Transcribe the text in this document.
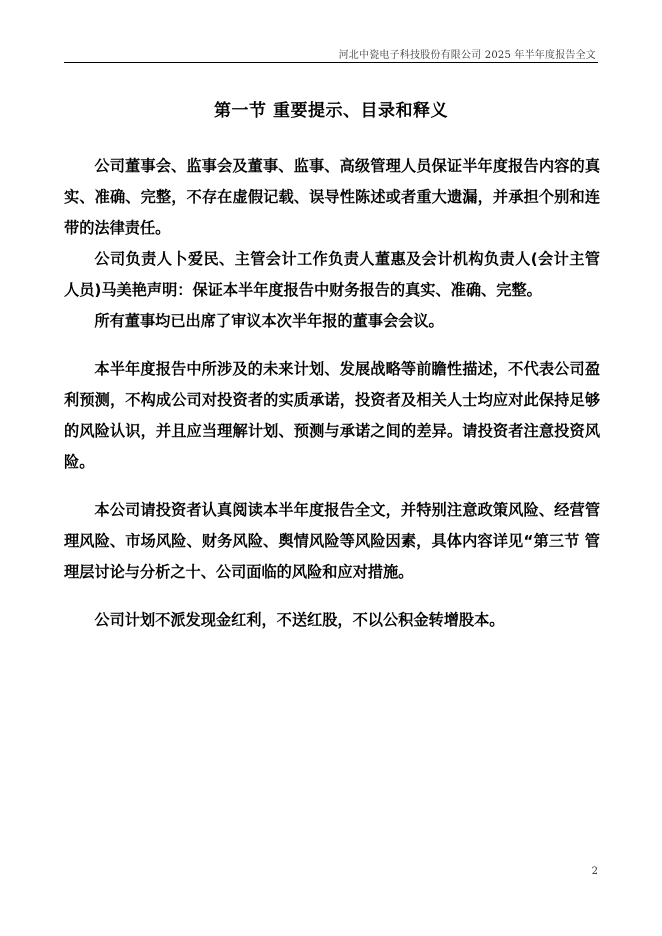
河北中瓷电子科技股份有限公司 2025 年半年度报告全文
第一节 重要提示、目录和释义

公司董事会、监事会及董事、监事、高级管理人员保证半年度报告内容的真实、准确、完整，不存在虚假记载、误导性陈述或者重大遗漏，并承担个别和连带的法律责任。

公司负责人卜爱民、主管会计工作负责人董惠及会计机构负责人(会计主管人员)马美艳声明：保证本半年度报告中财务报告的真实、准确、完整。

所有董事均已出席了审议本次半年报的董事会会议。

本半年度报告中所涉及的未来计划、发展战略等前瞻性描述，不代表公司盈利预测，不构成公司对投资者的实质承诺，投资者及相关人士均应对此保持足够的风险认识，并且应当理解计划、预测与承诺之间的差异。请投资者注意投资风险。

本公司请投资者认真阅读本半年度报告全文，并特别注意政策风险、经营管理风险、市场风险、财务风险、舆情风险等风险因素，具体内容详见“第三节 管理层讨论与分析之十、公司面临的风险和应对措施。

公司计划不派发现金红利，不送红股，不以公积金转增股本。

2
